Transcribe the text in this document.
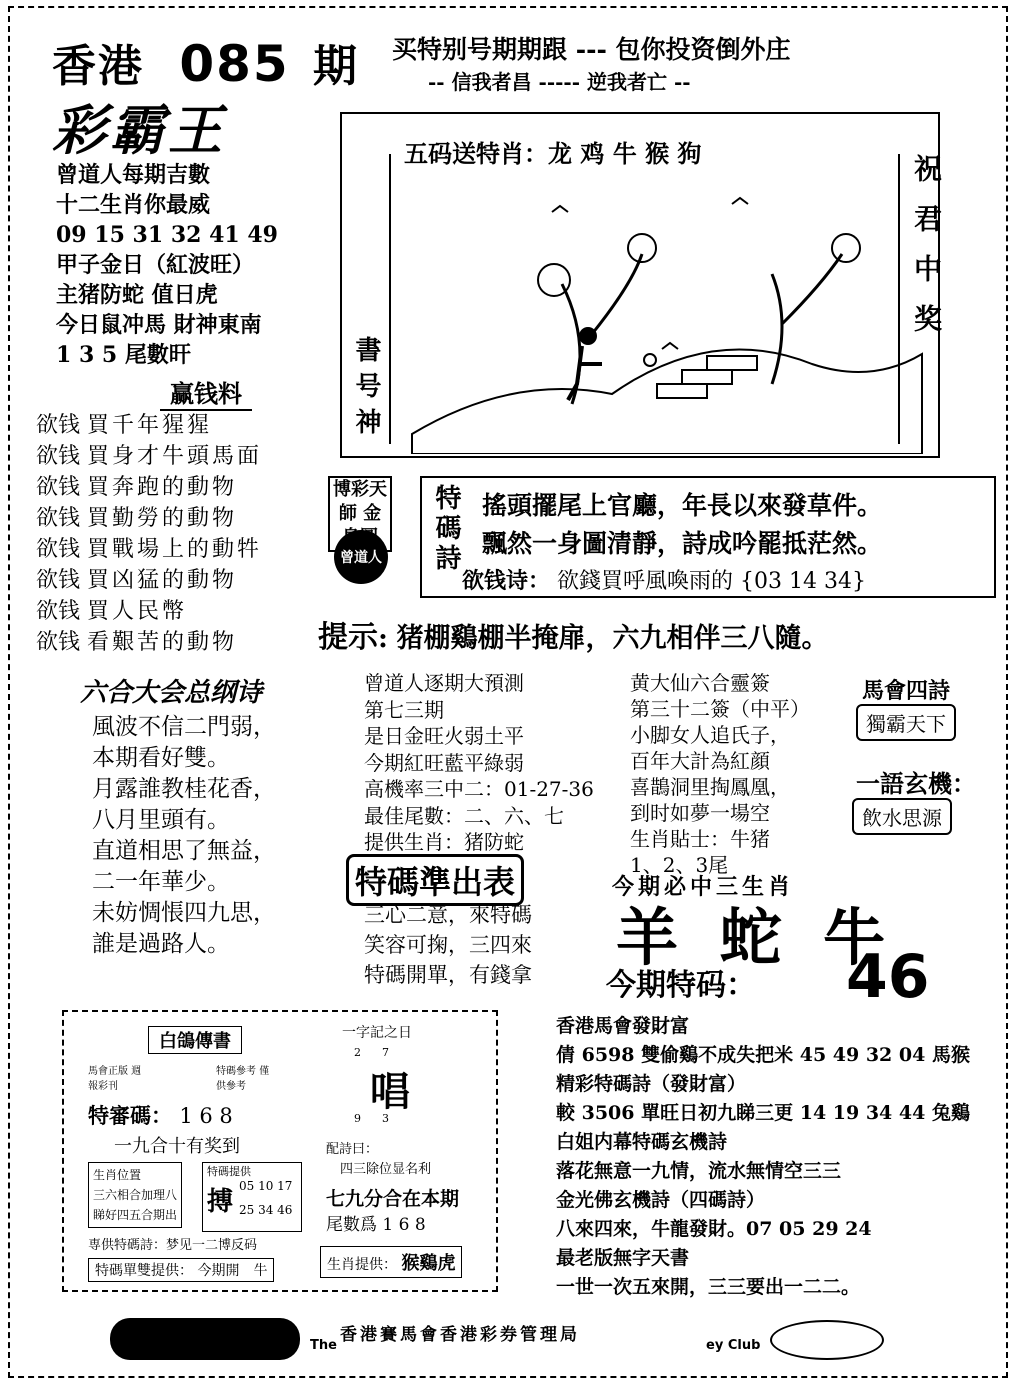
香港 085 期
彩霸王
买特别号期期跟 --- 包你投资倒外庄
-- 信我者昌 ----- 逆我者亡 --
曾道人每期吉數
十二生肖你最威
09 15 31 32 41 49
甲子金日（紅波旺）
主猪防蛇 值日虎
今日鼠冲馬 財神東南
1 3 5 尾數旰
赢钱料
欲钱 買千年猩猩
欲钱 買身才牛頭馬面
欲钱 買奔跑的動物
欲钱 買勤勞的動物
欲钱 買戰場上的動牪
欲钱 買凶猛的動物
欲钱 買人民幣
欲钱 看艱苦的動物
書号神
五码送特肖：龙 鸡 牛 猴 狗
祝君中奖
博彩天師 金
曾道人 特碼詩 搖頭擺尾上官廳，年長以來發草件。
飄然一身圖清靜，詩成吟罷抵茫然。
欲钱诗： 欲錢買呼風喚雨的 {03 14 34}
提示: 猪棚鷄棚半掩扉，六九相伴三八隨。
六合大会总纲诗
風波不信二門弱，
本期看好雙。
月露誰教桂花香，
八月里頭有。
直道相思了無益，
二一年華少。
未妨惆悵四九思，
誰是過路人。
曾道人逐期大預測
第七三期
是日金旺火弱土平
今期紅旺藍平綠弱
高機率三中二：01-27-36
最佳尾數：二、六、七
提供生肖：猪防蛇
黄大仙六合靈簽
第三十二簽（中平）
小脚女人追氏子，
百年大計為紅顔
喜鵲洞里掏鳳凰，
到时如夢一場空
生肖貼士：牛猪
1、2、3尾
馬會四詩
獨霸天下
一語玄機：
飲水思源
特碼準出表
三心二意，來特碼
笑容可掬，三四來
特碼開單，有錢拿
今期必中三生肖
羊 蛇 牛
今期特码： 46
白鴿傳書
馬會正版 週報彩刊
特碼參考 僅供參考
特審碼： 1 6 8
一九合十有奖到
生肖位置
三六相合加理八
睇好四五合期出
特碼提供
搏
05 10 17
25 34 46
専供特碼詩：梦见一二博反码
特碼單雙提供： 今期開　牛
一字記之日
2      7
唱
9      3
配詩曰：
四三除位显名利
七九分合在本期
尾數爲 1 6 8
生肖提供： 猴鷄虎
香港馬會發財富
倩 6598 雙偷鷄不成失把米 45 49 32 04 馬猴
精彩特碼詩（發財富）
較 3506 單旺日初九睇三更 14 19 34 44 兔鷄
白姐内幕特碼玄機詩
落花無意一九情，流水無情空三三
金光佛玄機詩（四碼詩）
八來四來，牛龍發財。07 05 29 24
最老版無字天書
一世一次五來開，三三要出一二二。
香港賽馬會香港彩券管理局
The	ey Club
